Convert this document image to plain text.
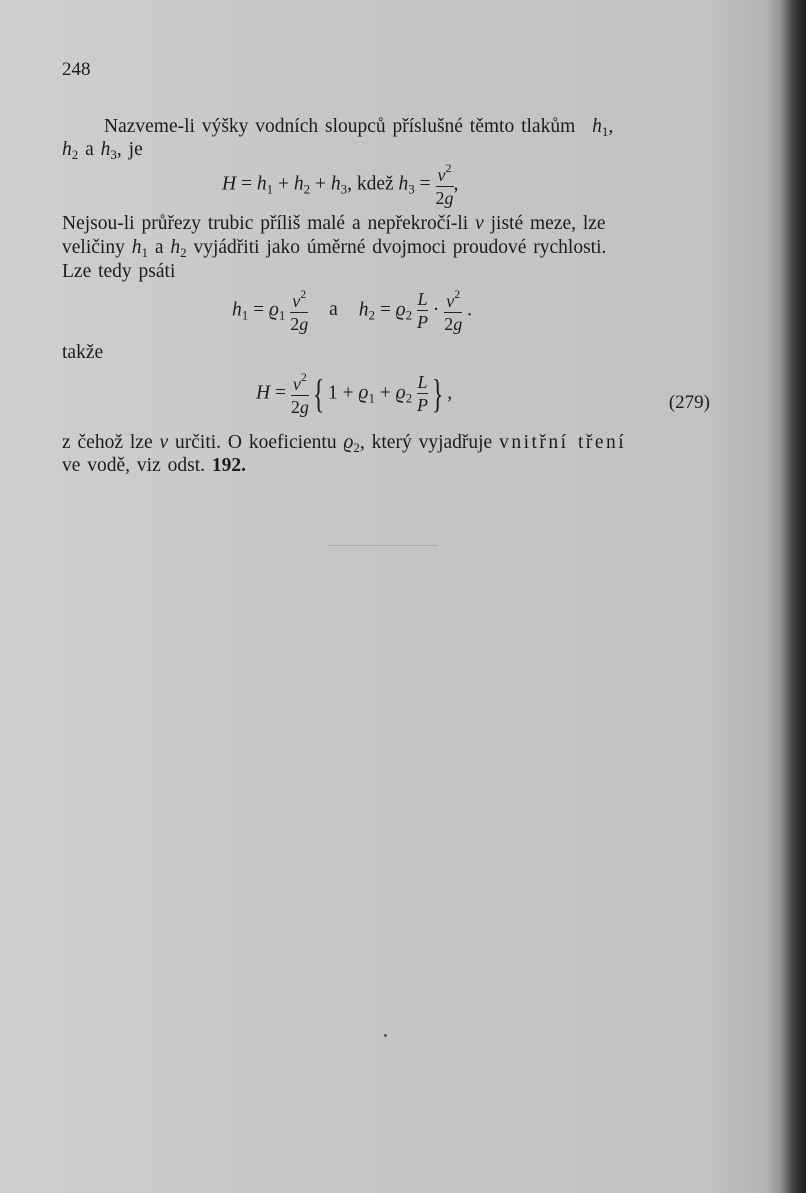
248
Nazveme-li výšky vodních sloupců příslušné těmto tlakům $h_1$,
$h_2$ a $h_3$, je
$H = h_1 + h_2 + h_3$, kdež $h_3 = \frac{v^2}{2g}$ ,
Nejsou-li průřezy trubic příliš malé a nepřekročí-li v jisté meze, lze
veličiny $h_1$ a $h_2$ vyjádřiti jako úměrné dvojmoci proudové rychlosti.
Lze tedy psáti
$h_1 = ϱ_1 \frac{v^2}{2g}$ a $h_2 = ϱ_2 \frac{L}{P} \cdot \frac{v^2}{2g}$ .
takže
$H = \frac{v^2}{2g}$ { $1 + ϱ_1 + ϱ_2 \frac{L}{P}$ } ,	(279)
z čehož lze v určiti. O koeficientu $ϱ_2$, který vyjadřuje vnitřní tření
ve vodě, viz odst. 192.
